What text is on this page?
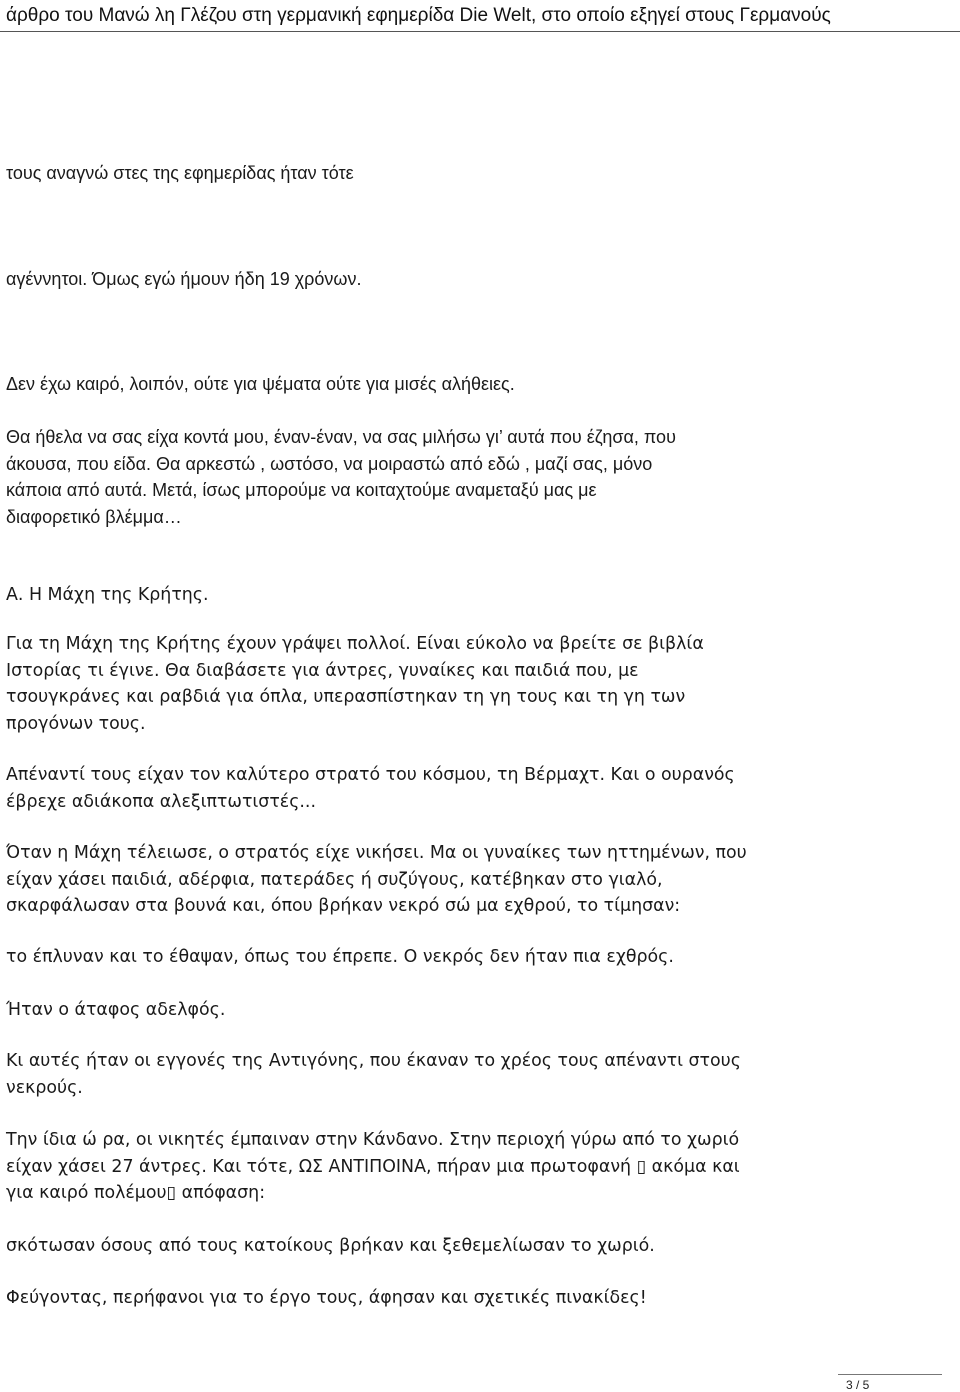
άρθρο του Μανώ λη Γλέζου στη γερμανική εφημερίδα Die Welt, στο οποίο εξηγεί στους Γερμανούς
τους αναγνώ στες της εφημερίδας ήταν τότε
αγέννητοι. Όμως εγώ ήμουν ήδη 19 χρόνων.
Δεν έχω καιρό, λοιπόν, ούτε για ψέματα ούτε για μισές αλήθειες.
Θα ήθελα να σας είχα κοντά μου, έναν-έναν, να σας μιλήσω γι’ αυτά που έζησα, που
άκουσα, που είδα. Θα αρκεστώ , ωστόσο, να μοιραστώ από εδώ , μαζί σας, μόνο
κάποια από αυτά. Μετά, ίσως μπορούμε να κοιταχτούμε αναμεταξύ μας με
διαφορετικό βλέμμα…
Α. Η Μάχη της Κρήτης.
Για τη Μάχη της Κρήτης έχουν γράψει πολλοί. Είναι εύκολο να βρείτε σε βιβλία
Ιστορίας τι έγινε. Θα διαβάσετε για άντρες, γυναίκες και παιδιά που, με
τσουγκράνες και ραβδιά για όπλα, υπερασπίστηκαν τη γη τους και τη γη των
προγόνων τους.
Απέναντί τους είχαν τον καλύτερο στρατό του κόσμου, τη Βέρμαχτ. Και ο ουρανός
έβρεχε αδιάκοπα αλεξιπτωτιστές...
Όταν η Μάχη τέλειωσε, ο στρατός είχε νικήσει. Μα οι γυναίκες των ηττημένων, που
είχαν χάσει παιδιά, αδέρφια, πατεράδες ή συζύγους, κατέβηκαν στο γιαλό,
σκαρφάλωσαν στα βουνά και, όπου βρήκαν νεκρό σώ μα εχθρού, το τίμησαν:
το έπλυναν και το έθαψαν, όπως του έπρεπε. Ο νεκρός δεν ήταν πια εχθρός.
Ήταν ο άταφος αδελφός.
Κι αυτές ήταν οι εγγονές της Αντιγόνης, που έκαναν το χρέος τους απέναντι στους
νεκρούς.
Την ίδια ώ ρα, οι νικητές έμπαιναν στην Κάνδανο. Στην περιοχή γύρω από το χωριό
είχαν χάσει 27 άντρες. Και τότε, ΩΣ ΑΝΤΙΠΟΙΝΑ, πήραν μια πρωτοφανή ▯ ακόμα και
για καιρό πολέμου▯ απόφαση:
σκότωσαν όσους από τους κατοίκους βρήκαν και ξεθεμελίωσαν το χωριό.
Φεύγοντας, περήφανοι για το έργο τους, άφησαν και σχετικές πινακίδες!
3 / 5
